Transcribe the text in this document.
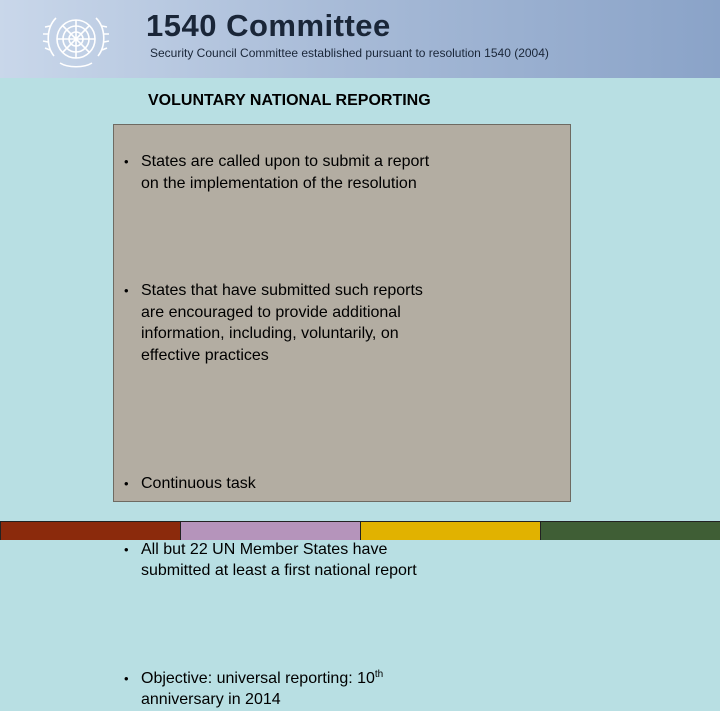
1540 Committee
Security Council Committee established pursuant to resolution 1540 (2004)
VOLUNTARY NATIONAL REPORTING
• States are called upon to submit a report on the implementation of the resolution
• States that have submitted such reports are encouraged to provide additional information, including, voluntarily, on effective practices
• Continuous task
• All but 22 UN Member States have submitted at least a first national report
• Objective: universal reporting: 10th
anniversary in 2014
